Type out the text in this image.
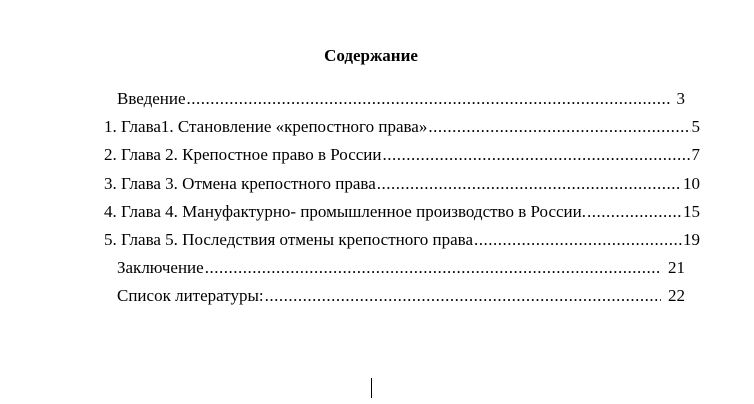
Содержание
Введение .....	3
1. Глава1. Становление «крепостного права» .....	5
2. Глава 2. Крепостное право в России .....	7
3. Глава 3. Отмена крепостного права .....	10
4. Глава 4. Мануфактурно- промышленное производство в России. .....	15
5. Глава 5. Последствия отмены крепостного права .....	19
Заключение .....	21
Список литературы: .....	22
